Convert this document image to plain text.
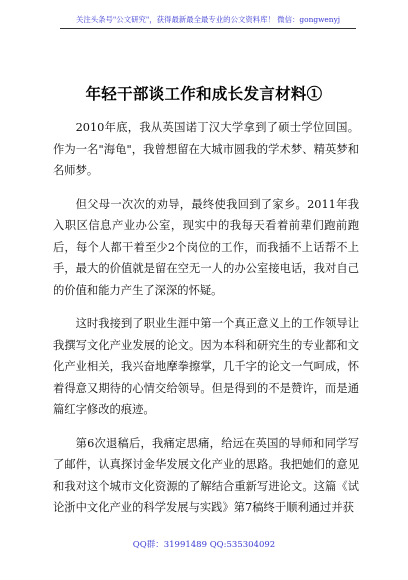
关注头条号"公文研究"，获得最新最全最专业的公文资料库！ 微信：gongwenyj
年轻干部谈工作和成长发言材料①

2010年底，我从英国诺丁汉大学拿到了硕士学位回国。作为一名"海龟"，我曾想留在大城市圆我的学术梦、精英梦和名师梦。

但父母一次次的劝导，最终使我回到了家乡。2011年我入职区信息产业办公室，现实中的我每天看着前辈们跑前跑后，每个人都干着至少2个岗位的工作，而我插不上话帮不上手，最大的价值就是留在空无一人的办公室接电话，我对自己的价值和能力产生了深深的怀疑。

这时我接到了职业生涯中第一个真正意义上的工作领导让我撰写文化产业发展的论文。因为本科和研究生的专业都和文化产业相关，我兴奋地摩拳擦掌，几千字的论文一气呵成，怀着得意又期待的心情交给领导。但是得到的不是赞许，而是通篇红字修改的痕迹。

第6次退稿后，我痛定思痛，给远在英国的导师和同学写了邮件，认真探讨金华发展文化产业的思路。我把她们的意见和我对这个城市文化资源的了解结合重新写进论文。这篇《试论浙中文化产业的科学发展与实践》第7稿终于顺利通过并获

QQ群：31991489 QQ:535304092
